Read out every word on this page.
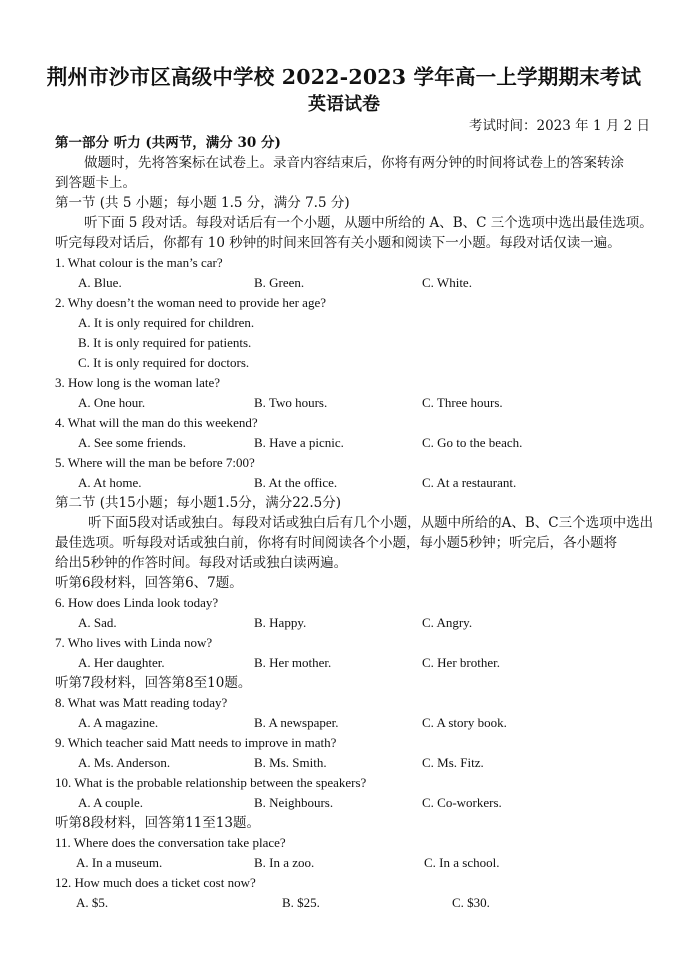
荆州市沙市区高级中学校 2022-2023 学年高一上学期期末考试
英语试卷
考试时间：2023 年 1 月 2 日
第一部分 听力 (共两节，满分 30 分)
做题时，先将答案标在试卷上。录音内容结束后，你将有两分钟的时间将试卷上的答案转涂
到答题卡上。
第一节 (共 5 小题；每小题 1.5 分，满分 7.5 分)
听下面 5 段对话。每段对话后有一个小题，从题中所给的 A、B、C 三个选项中选出最佳选项。
听完每段对话后，你都有 10 秒钟的时间来回答有关小题和阅读下一小题。每段对话仅读一遍。
1. What colour is the man’s car?
A. Blue.	B. Green.	C. White.
2. Why doesn’t the woman need to provide her age?
A. It is only required for children.
B. It is only required for patients.
C. It is only required for doctors.
3. How long is the woman late?
A. One hour.	B. Two hours.	C. Three hours.
4. What will the man do this weekend?
A. See some friends.	B. Have a picnic.	C. Go to the beach.
5. Where will the man be before 7:00?
A. At home.	B. At the office.	C. At a restaurant.
第二节 (共15小题；每小题1.5分，满分22.5分)
听下面5段对话或独白。每段对话或独白后有几个小题，从题中所给的A、B、C三个选项中选出
最佳选项。听每段对话或独白前，你将有时间阅读各个小题，每小题5秒钟；听完后，各小题将
给出5秒钟的作答时间。每段对话或独白读两遍。
听第6段材料，回答第6、7题。
6. How does Linda look today?
A. Sad.	B. Happy.	C. Angry.
7. Who lives with Linda now?
A. Her daughter.	B. Her mother.	C. Her brother.
听第7段材料，回答第8至10题。
8. What was Matt reading today?
A. A magazine.	B. A newspaper.	C. A story book.
9. Which teacher said Matt needs to improve in math?
A. Ms. Anderson.	B. Ms. Smith.	C. Ms. Fitz.
10. What is the probable relationship between the speakers?
A. A couple.	B. Neighbours.	C. Co-workers.
听第8段材料，回答第11至13题。
11. Where does the conversation take place?
A. In a museum.	B. In a zoo.	C. In a school.
12. How much does a ticket cost now?
A. $5.	B. $25.	C. $30.
